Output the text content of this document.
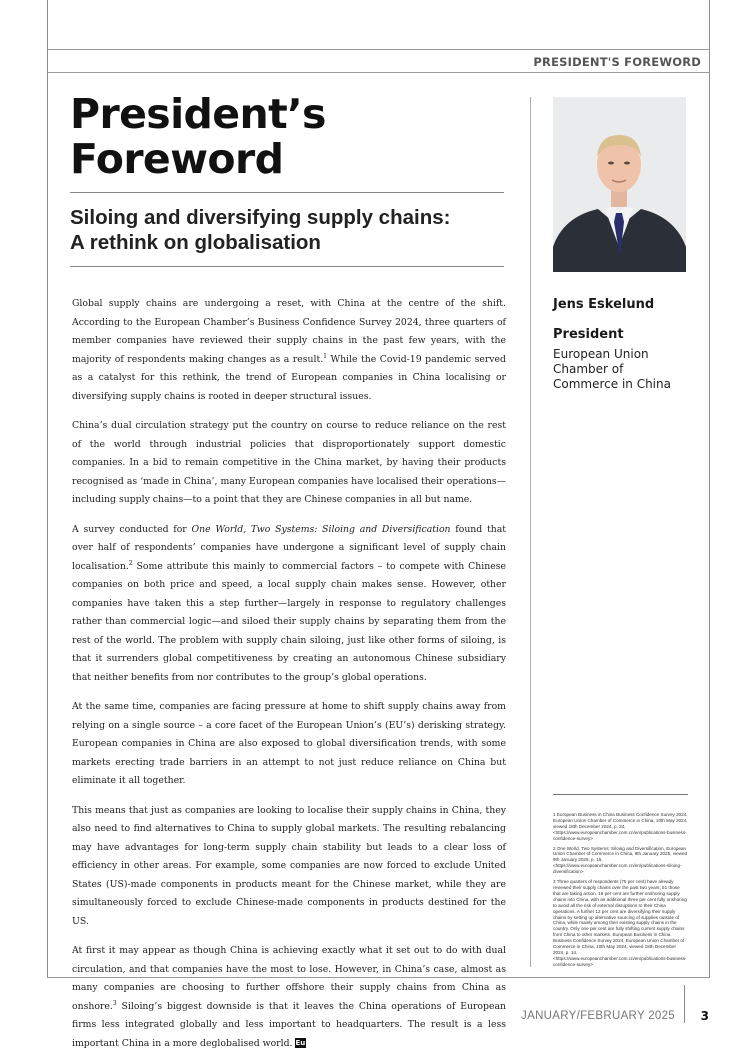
PRESIDENT'S FOREWORD
President’s
Foreword
Siloing and diversifying supply chains:
A rethink on globalisation

Global supply chains are undergoing a reset, with China at the centre of the shift. According to the European Chamber’s Business Confidence Survey 2024, three quarters of member companies have reviewed their supply chains in the past few years, with the majority of respondents making changes as a result.$^1$ While the Covid-19 pandemic served as a catalyst for this rethink, the trend of European companies in China localising or diversifying supply chains is rooted in deeper structural issues.

China’s dual circulation strategy put the country on course to reduce reliance on the rest of the world through industrial policies that disproportionately support domestic companies. In a bid to remain competitive in the China market, by having their products recognised as ‘made in China’, many European companies have localised their operations—including supply chains—to a point that they are Chinese companies in all but name.

A survey conducted for One World, Two Systems: Siloing and Diversification found that over half of respondents’ companies have undergone a significant level of supply chain localisation.$^2$ Some attribute this mainly to commercial factors – to compete with Chinese companies on both price and speed, a local supply chain makes sense. However, other companies have taken this a step further—largely in response to regulatory challenges rather than commercial logic—and siloed their supply chains by separating them from the rest of the world. The problem with supply chain siloing, just like other forms of siloing, is that it surrenders global competitiveness by creating an autonomous Chinese subsidiary that neither benefits from nor contributes to the group’s global operations.

At the same time, companies are facing pressure at home to shift supply chains away from relying on a single source – a core facet of the European Union’s (EU’s) derisking strategy. European companies in China are also exposed to global diversification trends, with some markets erecting trade barriers in an attempt to not just reduce reliance on China but eliminate it all together.

This means that just as companies are looking to localise their supply chains in China, they also need to find alternatives to China to supply global markets. The resulting rebalancing may have advantages for long-term supply chain stability but leads to a clear loss of efficiency in other areas. For example, some companies are now forced to exclude United States (US)-made components in products meant for the Chinese market, while they are simultaneously forced to exclude Chinese-made components in products destined for the US.

At first it may appear as though China is achieving exactly what it set out to do with dual circulation, and that companies have the most to lose. However, in China’s case, almost as many companies are choosing to further offshore their supply chains from China as onshore.$^3$ Siloing’s biggest downside is that it leaves the China operations of European firms less integrated globally and less important to headquarters. The result is a less important China in a more deglobalised world. Eu

Jens Eskelund
President
European Union
Chamber of
Commerce in China
1 European Business in China Business Confidence Survey 2024, European Union Chamber of Commerce in China, 10th May 2024, viewed 18th December 2024, p. 34, <https://www.europeanchamber.com.cn/en/publications-business-confidence-survey>
2 One World, Two Systems: Siloing and Diversification, European Union Chamber of Commerce in China, 9th January 2025, viewed 9th January 2025, p. 15, <https://www.europeanchamber.com.cn/en/publications-siloing-diversification>
3 Three quarters of respondents (75 per cent) have already reviewed their supply chains over the past two years; 51 those that are taking action, 16 per cent are further onshoring supply chains into China, with an additional three per cent fully onshoring to avoid all the risk of external disruptions to their China operations. A further 12 per cent are diversifying their supply chains by setting up alternative sourcing of supplies outside of China, while mainly among their existing supply chains in the country. Only one per cent are fully shifting current supply chains from China to other markets. European Business in China Business Confidence Survey 2024, European Union Chamber of Commerce in China, 10th May 2024, viewed 18th December 2024, p. 14, <https://www.europeanchamber.com.cn/en/publications-business-confidence-survey>
JANUARY/FEBRUARY 2025 3
